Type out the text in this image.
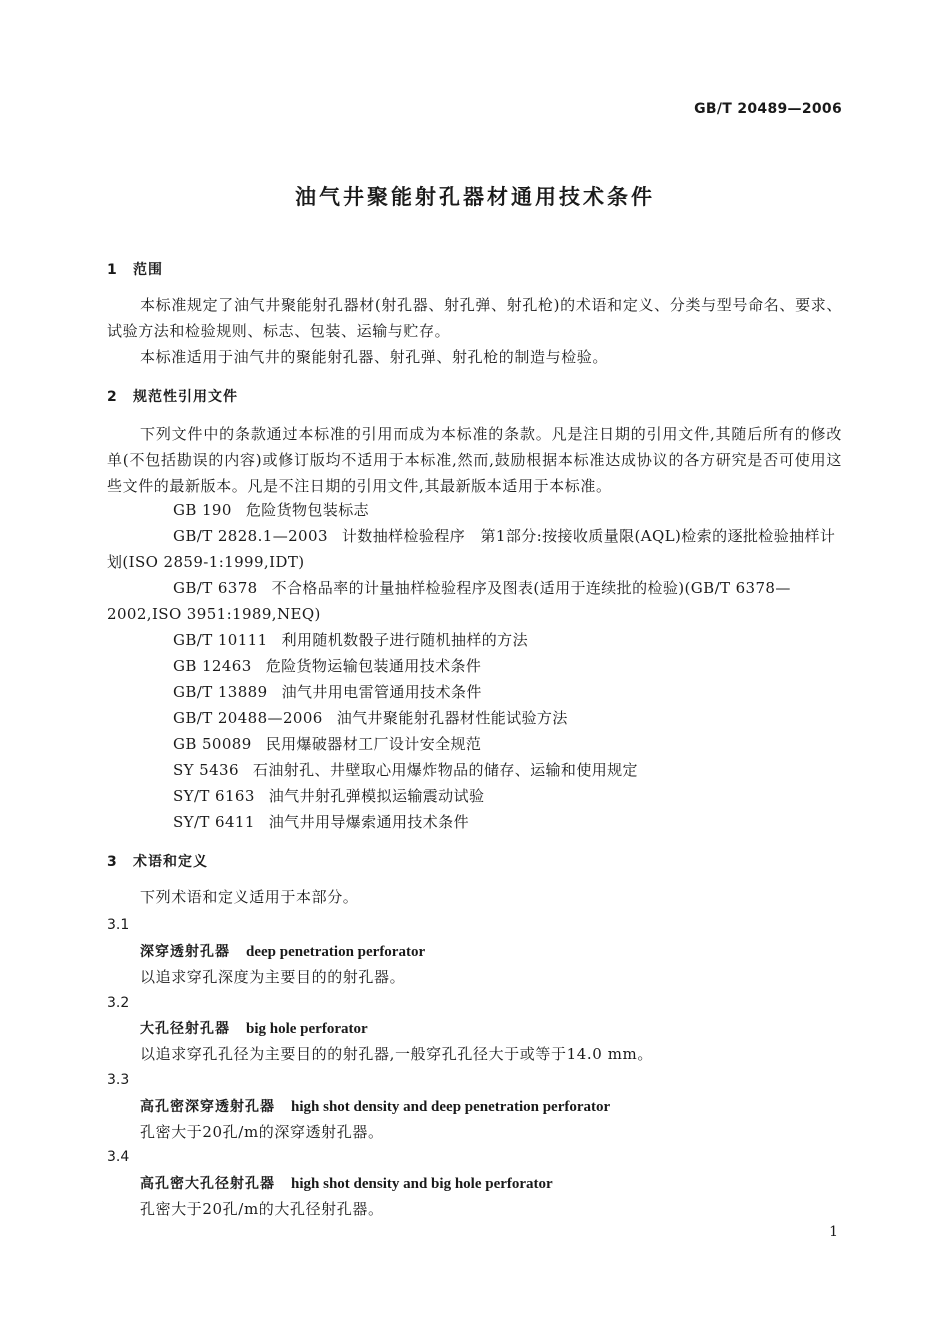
GB/T 20489—2006
油气井聚能射孔器材通用技术条件
1 范围
本标准规定了油气井聚能射孔器材(射孔器、射孔弹、射孔枪)的术语和定义、分类与型号命名、要求、试验方法和检验规则、标志、包装、运输与贮存。
本标准适用于油气井的聚能射孔器、射孔弹、射孔枪的制造与检验。
2 规范性引用文件
下列文件中的条款通过本标准的引用而成为本标准的条款。凡是注日期的引用文件,其随后所有的修改单(不包括勘误的内容)或修订版均不适用于本标准,然而,鼓励根据本标准达成协议的各方研究是否可使用这些文件的最新版本。凡是不注日期的引用文件,其最新版本适用于本标准。
GB 190 危险货物包装标志
GB/T 2828.1—2003 计数抽样检验程序　第1部分:按接收质量限(AQL)检索的逐批检验抽样计划(ISO 2859-1:1999,IDT)
GB/T 6378 不合格品率的计量抽样检验程序及图表(适用于连续批的检验)(GB/T 6378—2002,ISO 3951:1989,NEQ)
GB/T 10111 利用随机数骰子进行随机抽样的方法
GB 12463 危险货物运输包装通用技术条件
GB/T 13889 油气井用电雷管通用技术条件
GB/T 20488—2006 油气井聚能射孔器材性能试验方法
GB 50089 民用爆破器材工厂设计安全规范
SY 5436 石油射孔、井壁取心用爆炸物品的储存、运输和使用规定
SY/T 6163 油气井射孔弹模拟运输震动试验
SY/T 6411 油气井用导爆索通用技术条件
3 术语和定义
下列术语和定义适用于本部分。
3.1
深穿透射孔器 deep penetration perforator
以追求穿孔深度为主要目的的射孔器。
3.2
大孔径射孔器 big hole perforator
以追求穿孔孔径为主要目的的射孔器,一般穿孔孔径大于或等于14.0 mm。
3.3
高孔密深穿透射孔器 high shot density and deep penetration perforator
孔密大于20孔/m的深穿透射孔器。
3.4
高孔密大孔径射孔器 high shot density and big hole perforator
孔密大于20孔/m的大孔径射孔器。
1
